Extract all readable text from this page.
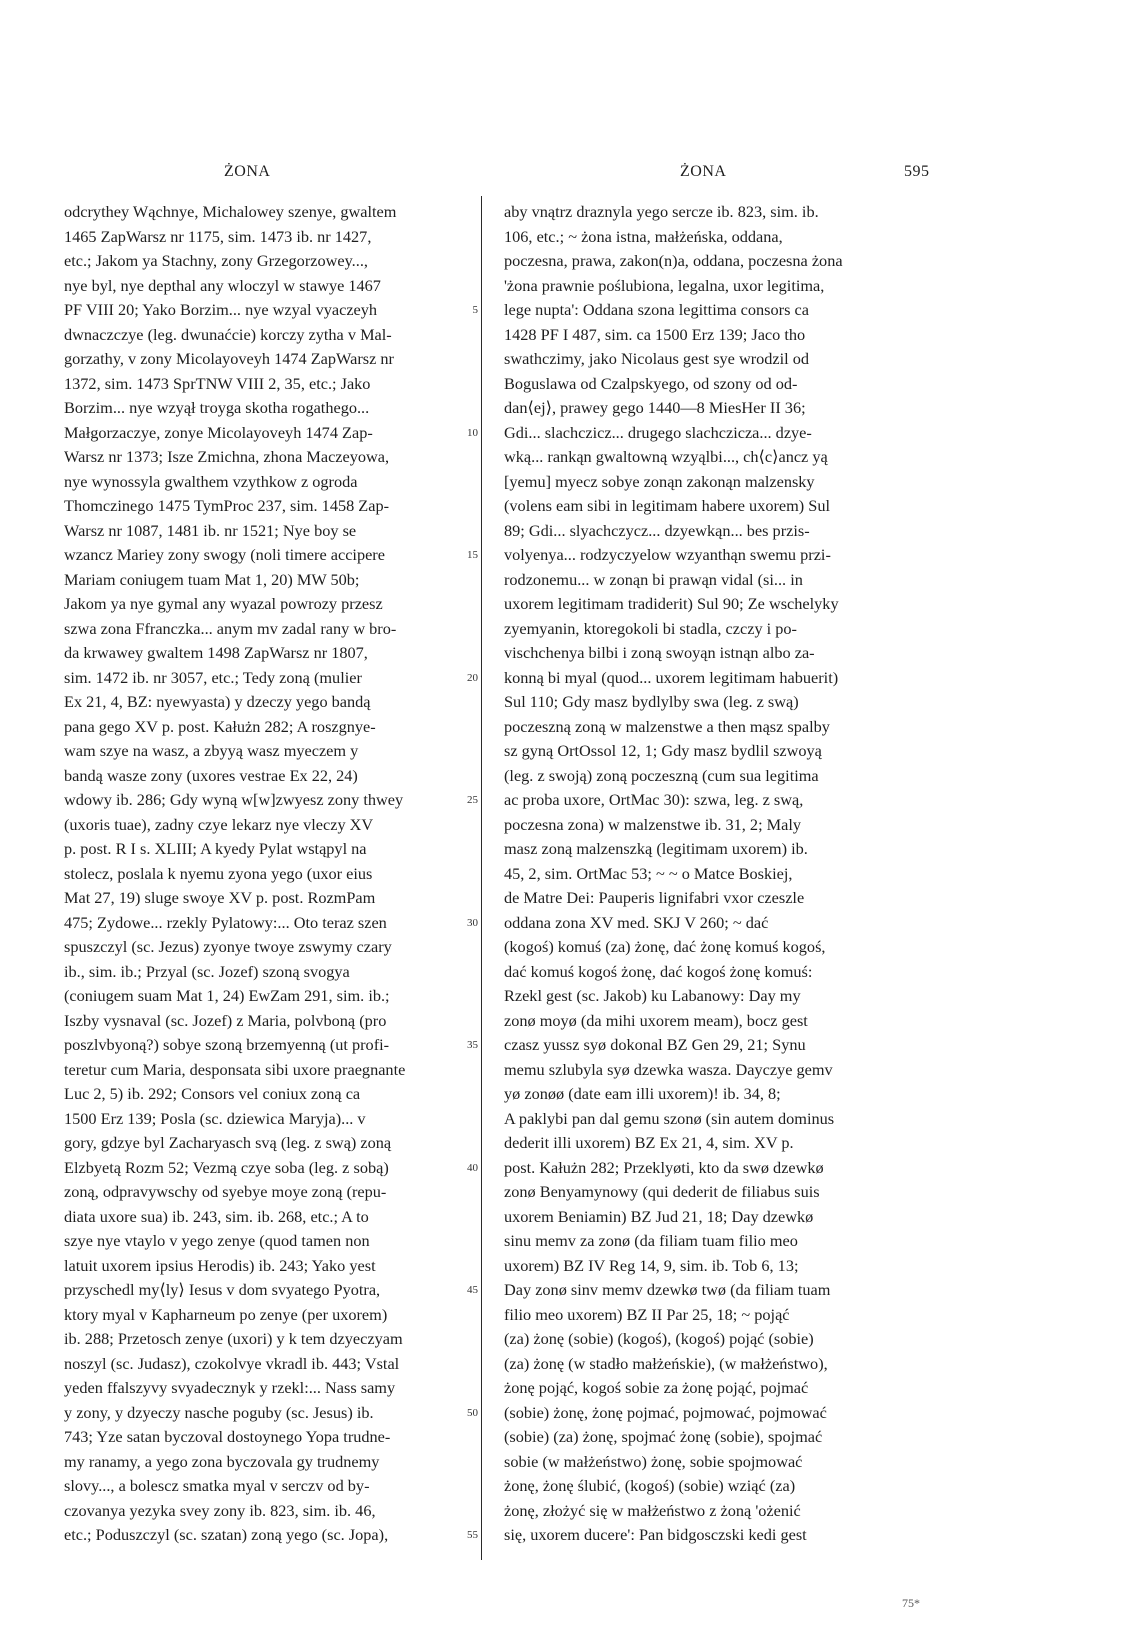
ŻONA	ŻONA	595
odcrythey Wąchnye, Michalowey szenye, gwaltem
1465 ZapWarsz nr 1175, sim. 1473 ib. nr 1427,
etc.; Jakom ya Stachny, zony Grzegorzowey...,
nye byl, nye depthal any wloczyl w stawye 1467
PF VIII 20; Yako Borzim... nye wzyal vyaczeyh
dwnaczczye (leg. dwunaćcie) korczy zytha v Mal-
gorzathy, v zony Micolayoveyh 1474 ZapWarsz nr
1372, sim. 1473 SprTNW VIII 2, 35, etc.; Jako
Borzim... nye wzyął troyga skotha rogathego...
Małgorzaczye, zonye Micolayoveyh 1474 Zap-
Warsz nr 1373; Isze Zmichna, zhona Maczeyowa,
nye wynossyla gwalthem vzythkow z ogroda
Thomczinego 1475 TymProc 237, sim. 1458 Zap-
Warsz nr 1087, 1481 ib. nr 1521; Nye boy se
wzancz Mariey zony swogy (noli timere accipere
Mariam coniugem tuam Mat 1, 20) MW 50b;
Jakom ya nye gymal any wyazal powrozy przesz
szwa zona Ffranczka... anym mv zadal rany w bro-
da krwawey gwaltem 1498 ZapWarsz nr 1807,
sim. 1472 ib. nr 3057, etc.; Tedy zoną (mulier
Ex 21, 4, BZ: nyewyasta) y dzeczy yego bandą
pana gego XV p. post. Kałużn 282; A roszgnye-
wam szye na wasz, a zbyyą wasz myeczem y
bandą wasze zony (uxores vestrae Ex 22, 24)
wdowy ib. 286; Gdy wyną w[w]zwyesz zony thwey
(uxoris tuae), zadny czye lekarz nye vleczy XV
p. post. R I s. XLIII; A kyedy Pylat wstąpyl na
stolecz, poslala k nyemu zyona yego (uxor eius
Mat 27, 19) sluge swoye XV p. post. RozmPam
475; Zydowe... rzekly Pylatowy:... Oto teraz szen
spuszczyl (sc. Jezus) zyonye twoye zswymy czary
ib., sim. ib.; Przyal (sc. Jozef) szoną svogya
(coniugem suam Mat 1, 24) EwZam 291, sim. ib.;
Iszby vysnaval (sc. Jozef) z Maria, polvboną (pro
poszlvbyoną?) sobye szoną brzemyenną (ut profi-
teretur cum Maria, desponsata sibi uxore praegnante
Luc 2, 5) ib. 292; Consors vel coniux zoną ca
1500 Erz 139; Posla (sc. dziewica Maryja)... v
gory, gdzye byl Zacharyasch svą (leg. z swą) zoną
Elzbyetą Rozm 52; Vezmą czye soba (leg. z sobą)
zoną, odpravywschy od syebye moye zoną (repu-
diata uxore sua) ib. 243, sim. ib. 268, etc.; A to
szye nye vtaylo v yego zenye (quod tamen non
latuit uxorem ipsius Herodis) ib. 243; Yako yest
przyschedl my⟨ly⟩ Iesus v dom svyatego Pyotra,
ktory myal v Kapharneum po zenye (per uxorem)
ib. 288; Przetosch zenye (uxori) y k tem dzyeczyam
noszyl (sc. Judasz), czokolvye vkradl ib. 443; Vstal
yeden ffalszyvy svyadecznyk y rzekl:... Nass samy
y zony, y dzyeczy nasche poguby (sc. Jesus) ib.
743; Yze satan byczoval dostoynego Yopa trudne-
my ranamy, a yego zona byczovala gy trudnemy
slovy..., a bolescz smatka myal v serczv od by-
czovanya yezyka svey zony ib. 823, sim. ib. 46,
etc.; Poduszczyl (sc. szatan) zoną yego (sc. Jopa),
5
10
15
20
25
30
35
40
45
50
55
aby vnątrz draznyla yego sercze ib. 823, sim. ib.
106, etc.; ~ żona istna, małżeńska, oddana,
poczesna, prawa, zakon(n)a, oddana, poczesna żona
'żona prawnie poślubiona, legalna, uxor legitima,
lege nupta': Oddana szona legittima consors ca
1428 PF I 487, sim. ca 1500 Erz 139; Jaco tho
swathczimy, jako Nicolaus gest sye wrodzil od
Boguslawa od Czalpskyego, od szony od od-
dan⟨ej⟩, prawey gego 1440—8 MiesHer II 36;
Gdi... slachczicz... drugego slachczicza... dzye-
wką... rankąn gwaltowną wzyąlbi..., ch⟨c⟩ancz yą
[yemu] myecz sobye zonąn zakonąn malzensky
(volens eam sibi in legitimam habere uxorem) Sul
89; Gdi... slyachczycz... dzyewkąn... bes przis-
volyenya... rodzyczyelow wzyanthąn swemu przi-
rodzonemu... w zonąn bi prawąn vidal (si... in
uxorem legitimam tradiderit) Sul 90; Ze wschelyky
zyemyanin, ktoregokoli bi stadla, czczy i po-
vischchenya bilbi i zoną swoyąn istnąn albo za-
konną bi myal (quod... uxorem legitimam habuerit)
Sul 110; Gdy masz bydlylby swa (leg. z swą)
poczeszną zoną w malzenstwe a then mąsz spalby
sz gyną OrtOssol 12, 1; Gdy masz bydlil szwoyą
(leg. z swoją) zoną poczeszną (cum sua legitima
ac proba uxore, OrtMac 30): szwa, leg. z swą,
poczesna zona) w malzenstwe ib. 31, 2; Maly
masz zoną malzenszką (legitimam uxorem) ib.
45, 2, sim. OrtMac 53; ~ ~ o Matce Boskiej,
de Matre Dei: Pauperis lignifabri vxor czeszle
oddana zona XV med. SKJ V 260; ~ dać
(kogoś) komuś (za) żonę, dać żonę komuś kogoś,
dać komuś kogoś żonę, dać kogoś żonę komuś:
Rzekl gest (sc. Jakob) ku Labanowy: Day my
zonø moyø (da mihi uxorem meam), bocz gest
czasz yussz syø dokonal BZ Gen 29, 21; Synu
memu szlubyla syø dzewka wasza. Dayczye gemv
yø zonøø (date eam illi uxorem)! ib. 34, 8;
A paklybi pan dal gemu szonø (sin autem dominus
dederit illi uxorem) BZ Ex 21, 4, sim. XV p.
post. Kałużn 282; Przeklyøti, kto da swø dzewkø
zonø Benyamynowy (qui dederit de filiabus suis
uxorem Beniamin) BZ Jud 21, 18; Day dzewkø
sinu memv za zonø (da filiam tuam filio meo
uxorem) BZ IV Reg 14, 9, sim. ib. Tob 6, 13;
Day zonø sinv memv dzewkø twø (da filiam tuam
filio meo uxorem) BZ II Par 25, 18; ~ pojąć
(za) żonę (sobie) (kogoś), (kogoś) pojąć (sobie)
(za) żonę (w stadło małżeńskie), (w małżeństwo),
żonę pojąć, kogoś sobie za żonę pojąć, pojmać
(sobie) żonę, żonę pojmać, pojmować, pojmować
(sobie) (za) żonę, spojmać żonę (sobie), spojmać
sobie (w małżeństwo) żonę, sobie spojmować
żonę, żonę ślubić, (kogoś) (sobie) wziąć (za)
żonę, złożyć się w małżeństwo z żoną 'ożenić
się, uxorem ducere': Pan bidgosczski kedi gest
75*
